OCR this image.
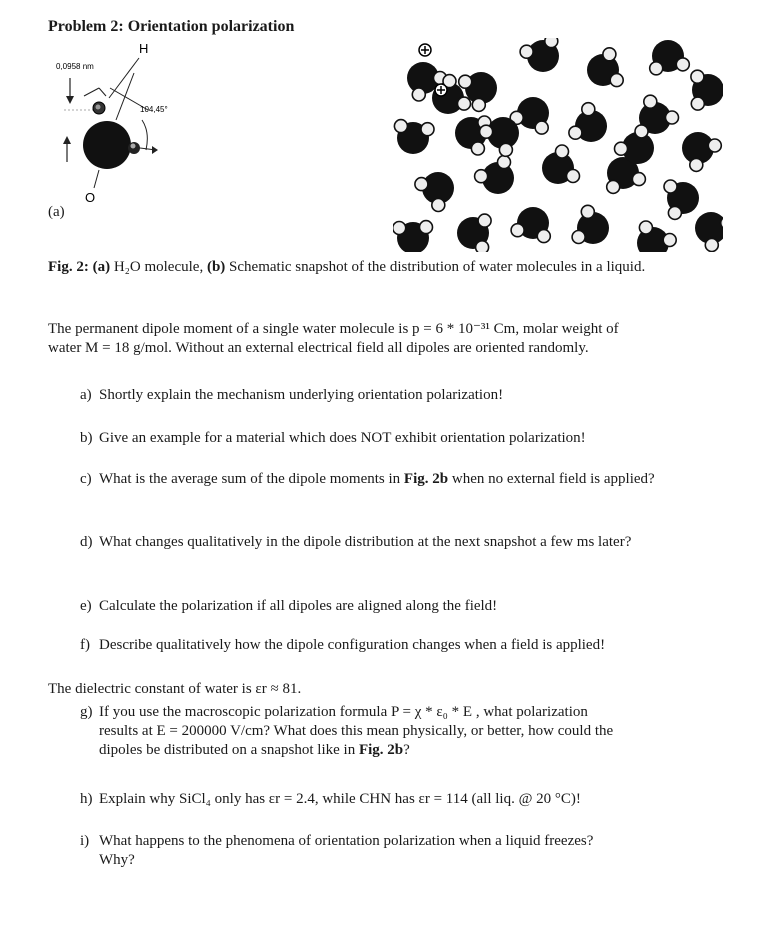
Problem 2: Orientation polarization
H
0,0958 nm
104,45°
O
(a)
Fig. 2: (a) H₂O molecule, (b) Schematic snapshot of the distribution of water molecules in a liquid.
The permanent dipole moment of a single water molecule is p = 6 * 10⁻³¹ Cm, molar weight of
water M = 18 g/mol. Without an external electrical field all dipoles are oriented randomly.
a) Shortly explain the mechanism underlying orientation polarization!
b) Give an example for a material which does NOT exhibit orientation polarization!
c) What is the average sum of the dipole moments in Fig. 2b when no external field is applied?
d) What changes qualitatively in the dipole distribution at the next snapshot a few ms later?
e) Calculate the polarization if all dipoles are aligned along the field!
f) Describe qualitatively how the dipole configuration changes when a field is applied!
The dielectric constant of water is εr ≈ 81.
g) If you use the macroscopic polarization formula P = χ * ε₀ * E , what polarization
results at E = 200000 V/cm? What does this mean physically, or better, how could the
dipoles be distributed on a snapshot like in Fig. 2b?
h) Explain why SiCl₄ only has εr = 2.4, while CHN has εr = 114 (all liq. @ 20 °C)!
i) What happens to the phenomena of orientation polarization when a liquid freezes?
Why?
